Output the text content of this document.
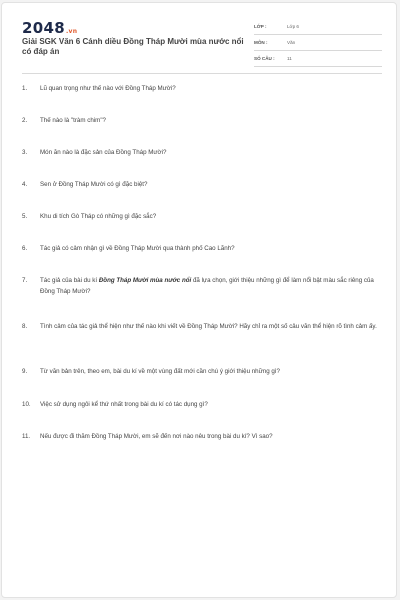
2048.vn
Giải SGK Văn 6 Cánh diều Đồng Tháp Mười mùa nước nổi có đáp án
LỚP :	Lớp 6
MÔN :	Văn
SỐ CÂU :	11
1.	Lũ quan trọng như thế nào với Đồng Tháp Mười?
2.	Thế nào là "tràm chim"?
3.	Món ăn nào là đặc sản của Đồng Tháp Mười?
4.	Sen ở Đồng Tháp Mười có gì đặc biệt?
5.	Khu di tích Gò Tháp có những gì đặc sắc?
6.	Tác giả có cảm nhận gì về Đồng Tháp Mười qua thành phố Cao Lãnh?
7.	Tác giả của bài du kí Đồng Tháp Mười mùa nước nổi đã lựa chọn, giới thiệu những gì để làm nổi bật màu sắc riêng của Đồng Tháp Mười?
8.	Tình cảm của tác giả thể hiện như thế nào khi viết về Đồng Tháp Mười? Hãy chỉ ra một số câu văn thể hiện rõ tình cảm ấy.
9.	Từ văn bản trên, theo em, bài du kí về một vùng đất mới cần chú ý giới thiệu những gì?
10.	Việc sử dụng ngôi kể thứ nhất trong bài du kí có tác dụng gì?
11.	Nếu được đi thăm Đồng Tháp Mười, em sẽ đến nơi nào nêu trong bài du kí? Vì sao?
